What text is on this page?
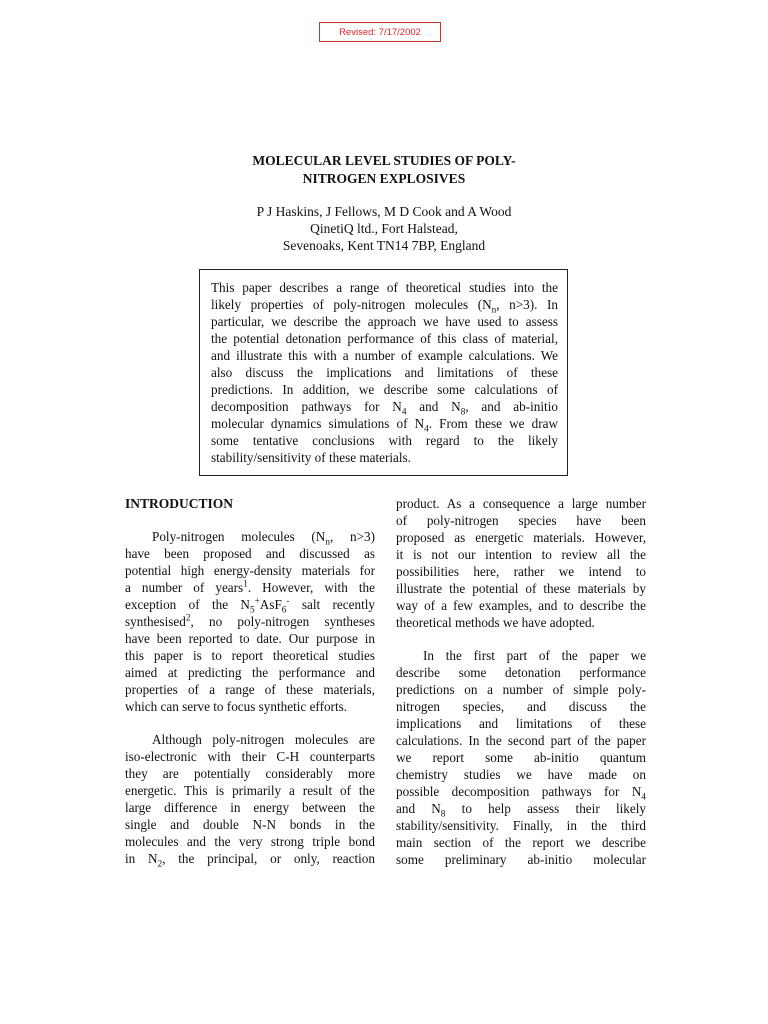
Revised: 7/17/2002
MOLECULAR LEVEL STUDIES OF POLY-
NITROGEN EXPLOSIVES
P J Haskins, J Fellows, M D Cook and A Wood
QinetiQ ltd., Fort Halstead,
Sevenoaks, Kent TN14 7BP, England
This paper describes a range of theoretical studies into the
likely properties of poly-nitrogen molecules ($N_n$, n>3). In
particular, we describe the approach we have used to assess
the potential detonation performance of this class of material,
and illustrate this with a number of example calculations. We
also discuss the implications and limitations of these
predictions. In addition, we describe some calculations of
decomposition pathways for $N_4$ and $N_8$, and ab-initio
molecular dynamics simulations of $N_4$. From these we draw
some tentative conclusions with regard to the likely
stability/sensitivity of these materials.
INTRODUCTION
Poly-nitrogen molecules ($N_n$, n>3)
have been proposed and discussed as
potential high energy-density materials for
a number of years$^1$. However, with the
exception of the $N_5^+AsF_6^-$ salt recently
synthesised$^2$, no poly-nitrogen syntheses
have been reported to date. Our purpose in
this paper is to report theoretical studies
aimed at predicting the performance and
properties of a range of these materials,
which can serve to focus synthetic efforts.
Although poly-nitrogen molecules are
iso-electronic with their C-H counterparts
they are potentially considerably more
energetic. This is primarily a result of the
large difference in energy between the
single and double N-N bonds in the
molecules and the very strong triple bond
in $N_2$, the principal, or only, reaction
product. As a consequence a large number
of poly-nitrogen species have been
proposed as energetic materials. However,
it is not our intention to review all the
possibilities here, rather we intend to
illustrate the potential of these materials by
way of a few examples, and to describe the
theoretical methods we have adopted.
In the first part of the paper we
describe some detonation performance
predictions on a number of simple poly-
nitrogen species, and discuss the
implications and limitations of these
calculations. In the second part of the paper
we report some ab-initio quantum
chemistry studies we have made on
possible decomposition pathways for $N_4$
and $N_8$ to help assess their likely
stability/sensitivity. Finally, in the third
main section of the report we describe
some preliminary ab-initio molecular
